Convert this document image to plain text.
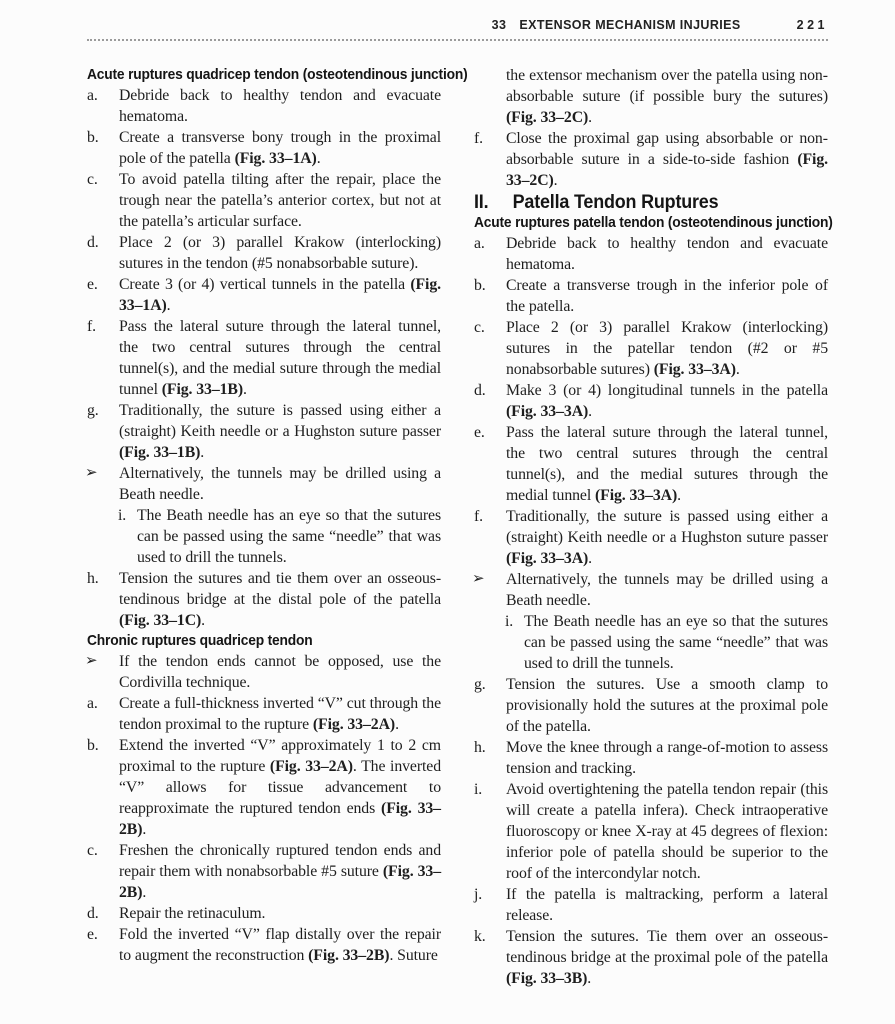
33 EXTENSOR MECHANISM INJURIES	221
Acute ruptures quadricep tendon (osteotendinous junction)
a. Debride back to healthy tendon and evacuate hematoma.
b. Create a transverse bony trough in the proximal pole of the patella (Fig. 33–1A).
c. To avoid patella tilting after the repair, place the trough near the patella’s anterior cortex, but not at the patella’s articular surface.
d. Place 2 (or 3) parallel Krakow (interlocking) sutures in the tendon (#5 nonabsorbable suture).
e. Create 3 (or 4) vertical tunnels in the patella (Fig. 33–1A).
f. Pass the lateral suture through the lateral tunnel, the two central sutures through the central tunnel(s), and the medial suture through the medial tunnel (Fig. 33–1B).
g. Traditionally, the suture is passed using either a (straight) Keith needle or a Hughston suture passer (Fig. 33–1B).
➢ Alternatively, the tunnels may be drilled using a Beath needle.
i. The Beath needle has an eye so that the sutures can be passed using the same “needle” that was used to drill the tunnels.
h. Tension the sutures and tie them over an osseous-tendinous bridge at the distal pole of the patella (Fig. 33–1C).
Chronic ruptures quadricep tendon
➢ If the tendon ends cannot be opposed, use the Cordivilla technique.
a. Create a full-thickness inverted “V” cut through the tendon proximal to the rupture (Fig. 33–2A).
b. Extend the inverted “V” approximately 1 to 2 cm proximal to the rupture (Fig. 33–2A). The inverted “V” allows for tissue advancement to reapproximate the ruptured tendon ends (Fig. 33–2B).
c. Freshen the chronically ruptured tendon ends and repair them with nonabsorbable #5 suture (Fig. 33–2B).
d. Repair the retinaculum.
e. Fold the inverted “V” flap distally over the repair to augment the reconstruction (Fig. 33–2B). Suture
the extensor mechanism over the patella using nonabsorbable suture (if possible bury the sutures) (Fig. 33–2C).
f. Close the proximal gap using absorbable or nonabsorbable suture in a side-to-side fashion (Fig. 33–2C).
II.	Patella Tendon Ruptures
Acute ruptures patella tendon (osteotendinous junction)
a. Debride back to healthy tendon and evacuate hematoma.
b. Create a transverse trough in the inferior pole of the patella.
c. Place 2 (or 3) parallel Krakow (interlocking) sutures in the patellar tendon (#2 or #5 nonabsorbable sutures) (Fig. 33–3A).
d. Make 3 (or 4) longitudinal tunnels in the patella (Fig. 33–3A).
e. Pass the lateral suture through the lateral tunnel, the two central sutures through the central tunnel(s), and the medial sutures through the medial tunnel (Fig. 33–3A).
f. Traditionally, the suture is passed using either a (straight) Keith needle or a Hughston suture passer (Fig. 33–3A).
➢ Alternatively, the tunnels may be drilled using a Beath needle.
i. The Beath needle has an eye so that the sutures can be passed using the same “needle” that was used to drill the tunnels.
g. Tension the sutures. Use a smooth clamp to provisionally hold the sutures at the proximal pole of the patella.
h. Move the knee through a range-of-motion to assess tension and tracking.
i. Avoid overtightening the patella tendon repair (this will create a patella infera). Check intraoperative fluoroscopy or knee X-ray at 45 degrees of flexion: inferior pole of patella should be superior to the roof of the intercondylar notch.
j. If the patella is maltracking, perform a lateral release.
k. Tension the sutures. Tie them over an osseous-tendinous bridge at the proximal pole of the patella (Fig. 33–3B).
